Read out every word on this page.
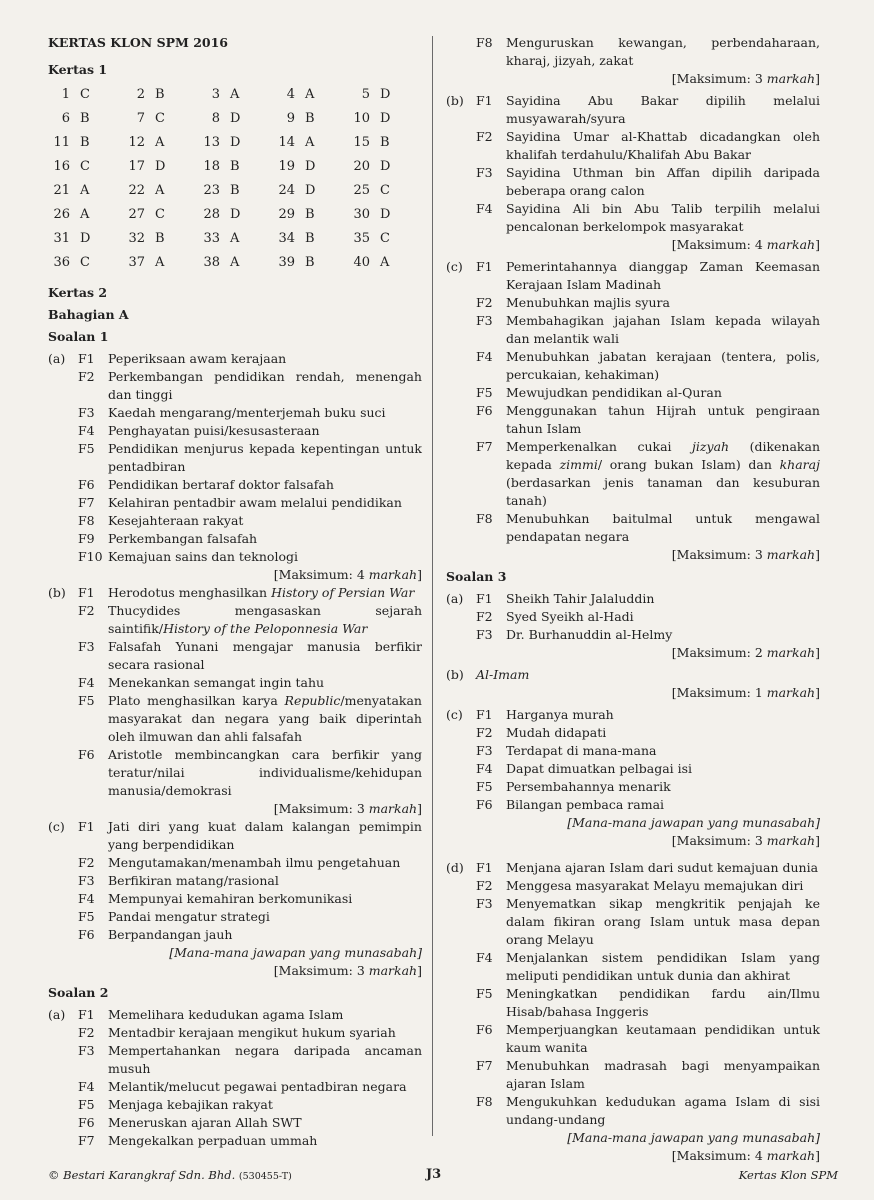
KERTAS KLON SPM 2016

Kertas 1

1 C	2 B	3 A	4 A	5 D
6 B	7 C	8 D	9 B	10 D
11 B	12 A	13 D	14 A	15 B
16 C	17 D	18 B	19 D	20 D
21 A	22 A	23 B	24 D	25 C
26 A	27 C	28 D	29 B	30 D
31 D	32 B	33 A	34 B	35 C
36 C	37 A	38 A	39 B	40 A

Kertas 2

Bahagian A

Soalan 1

(a)	F1	Peperiksaan awam kerajaan
F2	Perkembangan pendidikan rendah, menengah dan tinggi
F3	Kaedah mengarang/menterjemah buku suci
F4	Penghayatan puisi/kesusasteraan
F5	Pendidikan menjurus kepada kepentingan untuk pentadbiran
F6	Pendidikan bertaraf doktor falsafah
F7	Kelahiran pentadbir awam melalui pendidikan
F8	Kesejahteraan rakyat
F9	Perkembangan falsafah
F10 Kemajuan sains dan teknologi
[Maksimum: 4 markah]
(b) F1	Herodotus menghasilkan History of Persian War
F2	Thucydides mengasaskan sejarah saintifik/History of the Peloponnesia War
F3	Falsafah Yunani mengajar manusia berfikir secara rasional
F4	Menekankan semangat ingin tahu
F5	Plato menghasilkan karya Republic/menyatakan masyarakat dan negara yang baik diperintah oleh ilmuwan dan ahli falsafah
F6	Aristotle membincangkan cara berfikir yang teratur/nilai individualisme/kehidupan manusia/demokrasi
[Maksimum: 3 markah]
(c)	F1	Jati diri yang kuat dalam kalangan pemimpin yang berpendidikan
F2	Mengutamakan/menambah ilmu pengetahuan
F3	Berfikiran matang/rasional
F4	Mempunyai kemahiran berkomunikasi
F5	Pandai mengatur strategi
F6	Berpandangan jauh
[Mana-mana jawapan yang munasabah]
[Maksimum: 3 markah]

Soalan 2

(a)	F1	Memelihara kedudukan agama Islam
F2	Mentadbir kerajaan mengikut hukum syariah
F3	Mempertahankan negara daripada ancaman musuh
F4	Melantik/melucut pegawai pentadbiran negara
F5	Menjaga kebajikan rakyat
F6	Meneruskan ajaran Allah SWT
F7	Mengekalkan perpaduan ummah
F8	Menguruskan kewangan, perbendaharaan, kharaj, jizyah, zakat
[Maksimum: 3 markah]
(b) F1	Sayidina Abu Bakar dipilih melalui musyawarah/syura
F2	Sayidina Umar al-Khattab dicadangkan oleh khalifah terdahulu/Khalifah Abu Bakar
F3	Sayidina Uthman bin Affan dipilih daripada beberapa orang calon
F4	Sayidina Ali bin Abu Talib terpilih melalui pencalonan berkelompok masyarakat
[Maksimum: 4 markah]
(c)	F1	Pemerintahannya dianggap Zaman Keemasan Kerajaan Islam Madinah
F2	Menubuhkan majlis syura
F3	Membahagikan jajahan Islam kepada wilayah dan melantik wali
F4	Menubuhkan jabatan kerajaan (tentera, polis, percukaian, kehakiman)
F5	Mewujudkan pendidikan al-Quran
F6	Menggunakan tahun Hijrah untuk pengiraan tahun Islam
F7	Memperkenalkan cukai jizyah (dikenakan kepada zimmi/ orang bukan Islam) dan kharaj (berdasarkan jenis tanaman dan kesuburan tanah)
F8	Menubuhkan baitulmal untuk mengawal pendapatan negara
[Maksimum: 3 markah]

Soalan 3

(a)	F1	Sheikh Tahir Jalaluddin
F2	Syed Syeikh al-Hadi
F3	Dr. Burhanuddin al-Helmy
[Maksimum: 2 markah]
(b) Al-Imam
[Maksimum: 1 markah]
(c)	F1	Harganya murah
F2	Mudah didapati
F3	Terdapat di mana-mana
F4	Dapat dimuatkan pelbagai isi
F5	Persembahannya menarik
F6	Bilangan pembaca ramai
[Mana-mana jawapan yang munasabah]
[Maksimum: 3 markah]
(d) F1	Menjana ajaran Islam dari sudut kemajuan dunia
F2	Menggesa masyarakat Melayu memajukan diri
F3	Menyematkan sikap mengkritik penjajah ke dalam fikiran orang Islam untuk masa depan orang Melayu
F4	Menjalankan sistem pendidikan Islam yang meliputi pendidikan untuk dunia dan akhirat
F5	Meningkatkan pendidikan fardu ain/Ilmu Hisab/bahasa Inggeris
F6	Memperjuangkan keutamaan pendidikan untuk kaum wanita
F7	Menubuhkan madrasah bagi menyampaikan ajaran Islam
F8	Mengukuhkan kedudukan agama Islam di sisi undang-undang
[Mana-mana jawapan yang munasabah]
[Maksimum: 4 markah]
© Bestari Karangkraf Sdn. Bhd. (530455-T)	J3	Kertas Klon SPM
